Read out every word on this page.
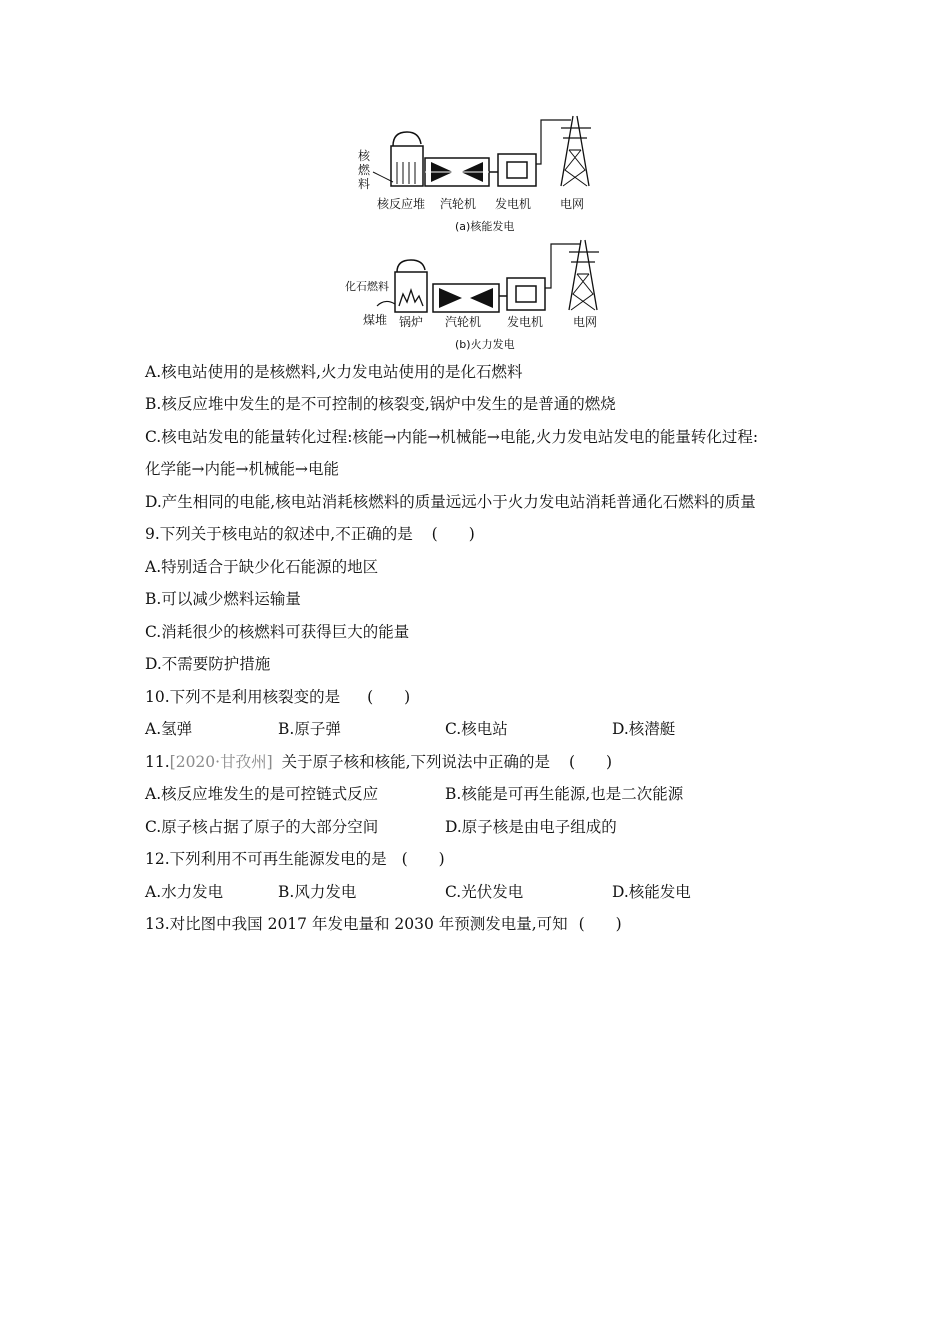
核
燃
料
核反应堆 汽轮机 发电机 电网
(a)核能发电
化石燃料
煤堆 锅炉 汽轮机 发电机 电网
(b)火力发电
A.核电站使用的是核燃料,火力发电站使用的是化石燃料
B.核反应堆中发生的是不可控制的核裂变,锅炉中发生的是普通的燃烧
C.核电站发电的能量转化过程:核能→内能→机械能→电能,火力发电站发电的能量转化过程:
化学能→内能→机械能→电能
D.产生相同的电能,核电站消耗核燃料的质量远远小于火力发电站消耗普通化石燃料的质量
9.下列关于核电站的叙述中,不正确的是 (　　)
A.特别适合于缺少化石能源的地区
B.可以减少燃料运输量
C.消耗很少的核燃料可获得巨大的能量
D.不需要防护措施
10.下列不是利用核裂变的是 (　　)
A.氢弹	B.原子弹	C.核电站	D.核潜艇
11.[2020·甘孜州] 关于原子核和核能,下列说法中正确的是 (　　)
A.核反应堆发生的是可控链式反应	B.核能是可再生能源,也是二次能源
C.原子核占据了原子的大部分空间	D.原子核是由电子组成的
12.下列利用不可再生能源发电的是 (　　)
A.水力发电	B.风力发电	C.光伏发电	D.核能发电
13.对比图中我国 2017 年发电量和 2030 年预测发电量,可知 (　　)
